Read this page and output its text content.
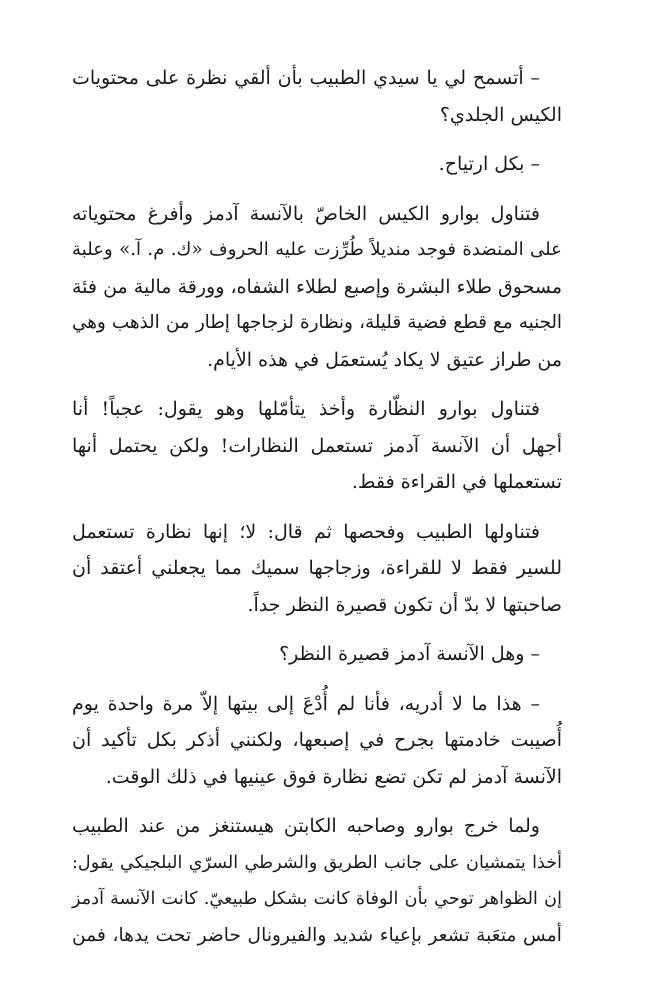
– أتسمح لي يا سيدي الطبيب بأن ألقي نظرة على محتويات
الكيس الجلدي؟

– بكل ارتياح.

فتناول بوارو الكيس الخاصّ بالآنسة آدمز وأفرغ محتوياته
على المنضدة فوجد منديلاً طُرِّزت عليه الحروف «ك. م. آ.» وعلبة
مسحوق طلاء البشرة وإصبع لطلاء الشفاه، وورقة مالية من فئة
الجنيه مع قطع فضية قليلة، ونظارة لزجاجها إطار من الذهب وهي
من طراز عتيق لا يكاد يُستعمَل في هذه الأيام.

فتناول بوارو النظّارة وأخذ يتأمّلها وهو يقول: عجباً! أنا
أجهل أن الآنسة آدمز تستعمل النظارات! ولكن يحتمل أنها
تستعملها في القراءة فقط.

فتناولها الطبيب وفحصها ثم قال: لا؛ إنها نظارة تستعمل
للسير فقط لا للقراءة، وزجاجها سميك مما يجعلني أعتقد أن
صاحبتها لا بدّ أن تكون قصيرة النظر جداً.

– وهل الآنسة آدمز قصيرة النظر؟

– هذا ما لا أدريه، فأنا لم أُدْعَ إلى بيتها إلاّ مرة واحدة يوم
أُصيبت خادمتها بجرح في إصبعها، ولكنني أذكر بكل تأكيد أن
الآنسة آدمز لم تكن تضع نظارة فوق عينيها في ذلك الوقت.

ولما خرج بوارو وصاحبه الكابتن هيستنغز من عند الطبيب
أخذا يتمشيان على جانب الطريق والشرطي السرّي البلجيكي يقول:
إن الظواهر توحي بأن الوفاة كانت بشكل طبيعيّ. كانت الآنسة آدمز
أمس متعَبة تشعر بإعياء شديد والفيرونال حاضر تحت يدها، فمن
